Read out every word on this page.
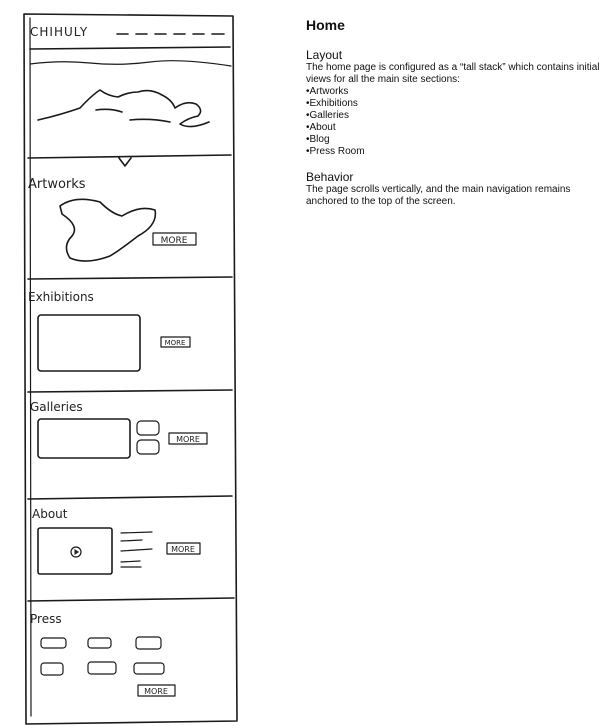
CHIHULY
Artworks
MORE
Exhibitions
MORE
Galleries
MORE
About
MORE
Press
MORE
Home
Layout

The home page is configured as a “tall stack” which contains initial views for all the main site sections:

• Artworks
• Exhibitions
• Galleries
• About
• Blog
• Press Room
Behavior

The page scrolls vertically, and the main navigation remains anchored to the top of the screen.
